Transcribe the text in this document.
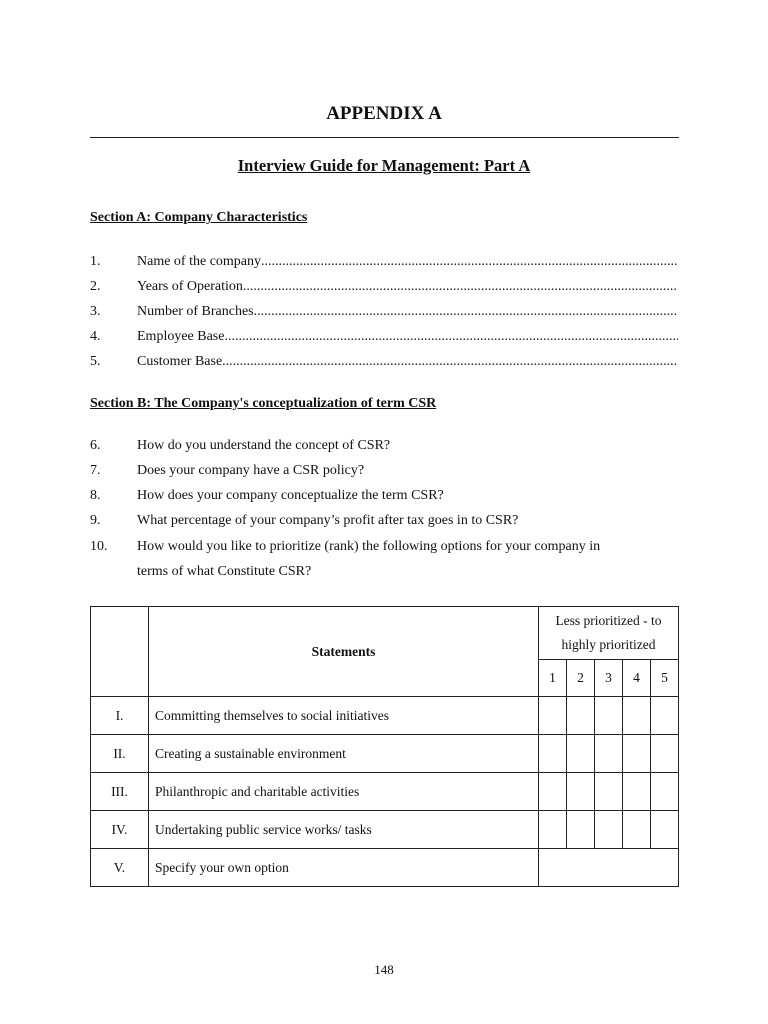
APPENDIX A
Interview Guide for Management: Part A
Section A: Company Characteristics
1.	Name of the company
.....
2.	Years of Operation
.....
3.	Number of Branches
.....
4.	Employee Base
.....
5.	Customer Base
.....
Section B: The Company's conceptualization of term CSR
6.	How do you understand the concept of CSR?
7.	Does your company have a CSR policy?
8.	How does your company conceptualize the term CSR?
9.	What percentage of your company’s profit after tax goes in to CSR?
10.	How would you like to prioritize (rank) the following options for your company in
terms of what Constitute CSR?
	Statements	Less prioritized - to highly prioritized				
		1	2	3	4	5
I.	Committing themselves to social initiatives					
II.	Creating a sustainable environment					
III.	Philanthropic and charitable activities					
IV.	Undertaking public service works/ tasks					
V.	Specify your own option					
148
